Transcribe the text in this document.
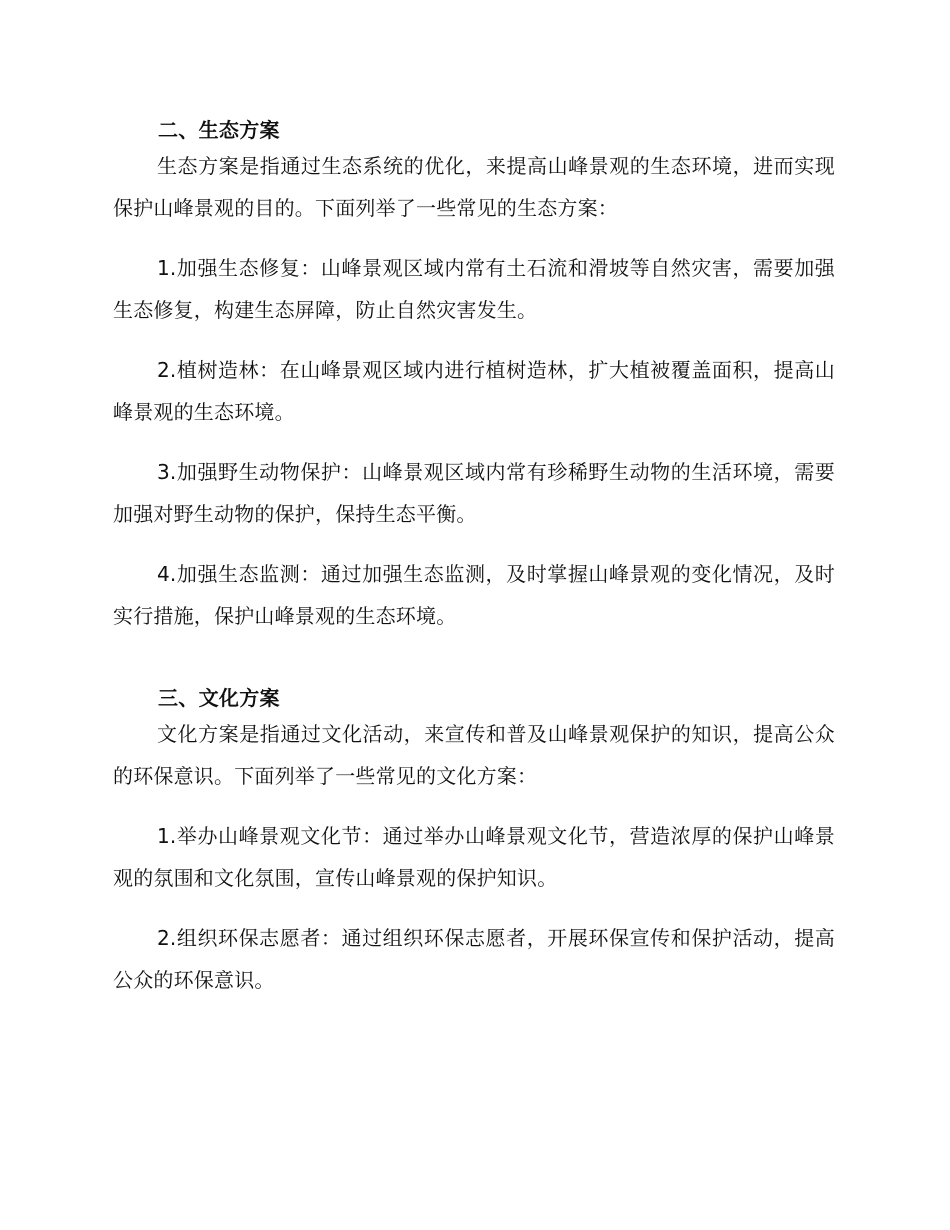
二、生态方案

生态方案是指通过生态系统的优化，来提高山峰景观的生态环境，进而实现保护山峰景观的目的。下面列举了一些常见的生态方案：

1.加强生态修复：山峰景观区域内常有土石流和滑坡等自然灾害，需要加强生态修复，构建生态屏障，防止自然灾害发生。

2.植树造林：在山峰景观区域内进行植树造林，扩大植被覆盖面积，提高山峰景观的生态环境。

3.加强野生动物保护：山峰景观区域内常有珍稀野生动物的生活环境，需要加强对野生动物的保护，保持生态平衡。

4.加强生态监测：通过加强生态监测，及时掌握山峰景观的变化情况，及时实行措施，保护山峰景观的生态环境。

三、文化方案

文化方案是指通过文化活动，来宣传和普及山峰景观保护的知识，提高公众的环保意识。下面列举了一些常见的文化方案：

1.举办山峰景观文化节：通过举办山峰景观文化节，营造浓厚的保护山峰景观的氛围和文化氛围，宣传山峰景观的保护知识。

2.组织环保志愿者：通过组织环保志愿者，开展环保宣传和保护活动，提高公众的环保意识。
